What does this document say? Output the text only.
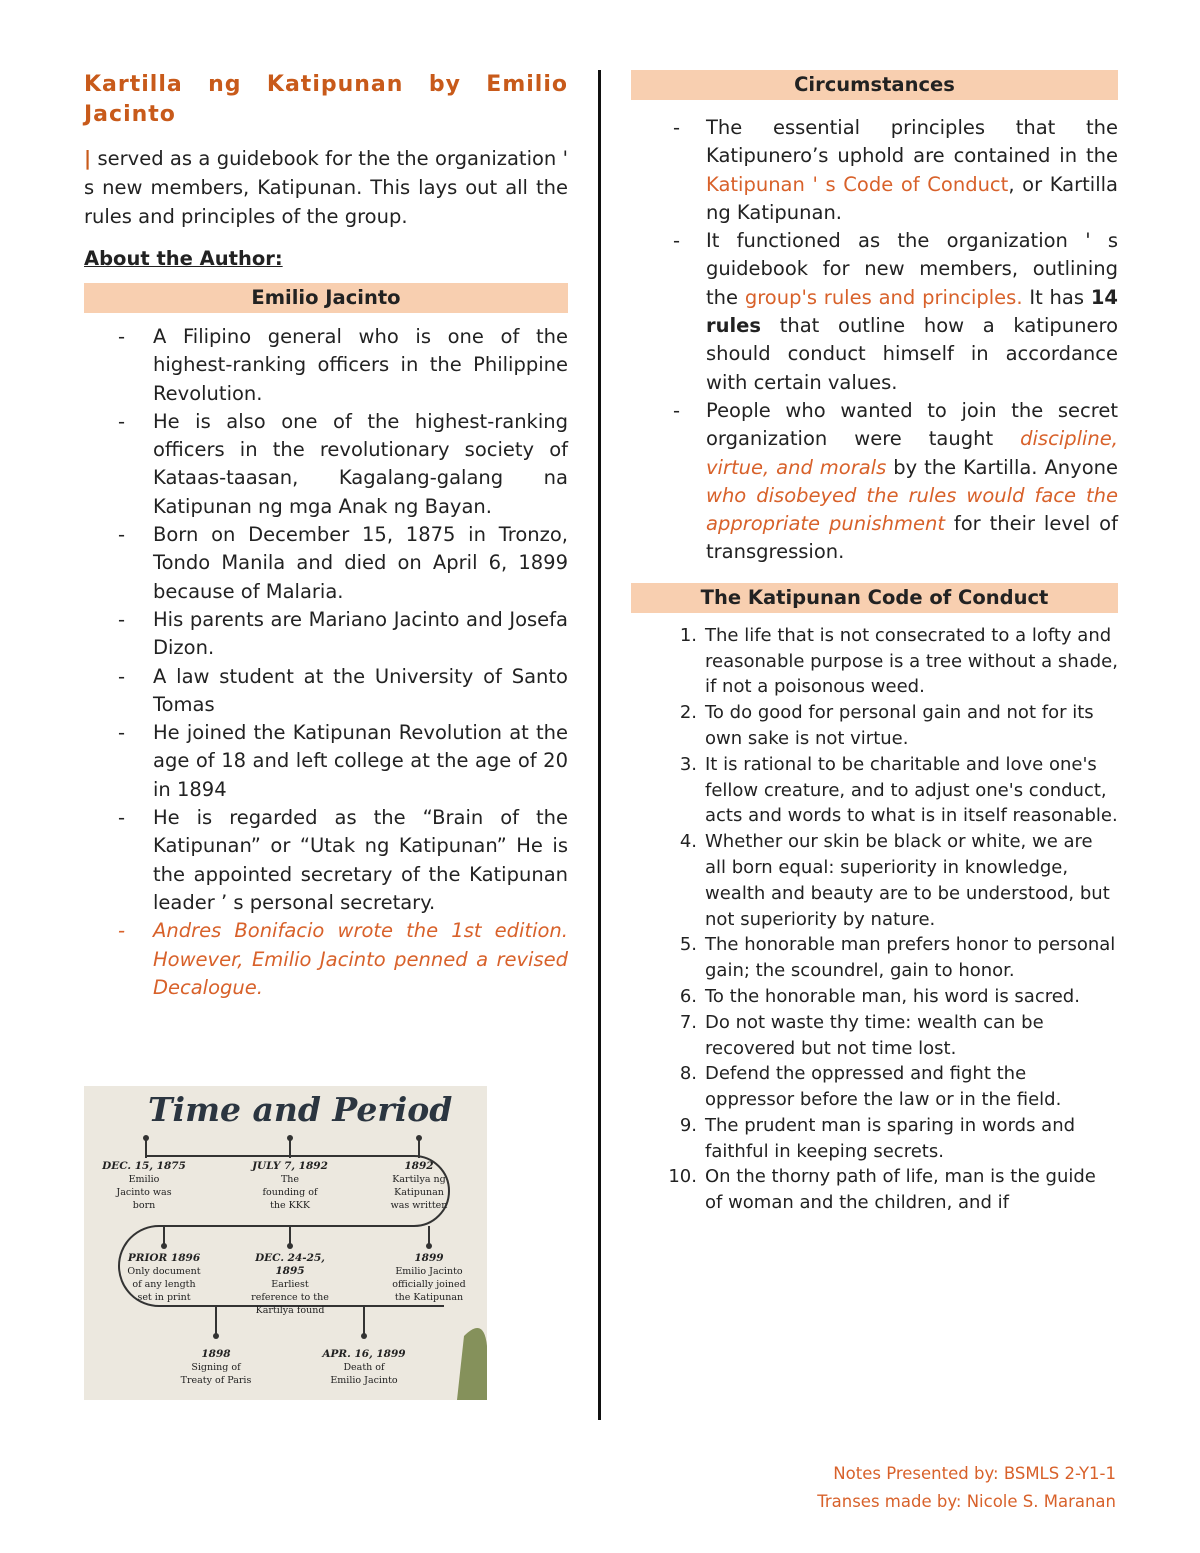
Kartilla ng Katipunan by Emilio
Jacinto
| served as a guidebook for the the organization ' s new members, Katipunan. This lays out all the rules and principles of the group.
About the Author:
Emilio Jacinto
- A Filipino general who is one of the highest-ranking officers in the Philippine Revolution.
- He is also one of the highest-ranking officers in the revolutionary society of Kataas-taasan, Kagalang-galang na Katipunan ng mga Anak ng Bayan.
- Born on December 15, 1875 in Tronzo, Tondo Manila and died on April 6, 1899 because of Malaria.
- His parents are Mariano Jacinto and Josefa Dizon.
- A law student at the University of Santo Tomas
- He joined the Katipunan Revolution at the age of 18 and left college at the age of 20 in 1894
- He is regarded as the “Brain of the Katipunan” or “Utak ng Katipunan” He is the appointed secretary of the Katipunan leader ’ s personal secretary.
- Andres Bonifacio wrote the 1st edition. However, Emilio Jacinto penned a revised Decalogue.
Time and Period
DEC. 15, 1875
Emilio Jacinto was born
JULY 7, 1892
The founding of the KKK
1892
Kartilya ng Katipunan was written
PRIOR 1896
Only document of any length set in print
DEC. 24-25, 1895
Earliest reference to the Kartilya found
1899
Emilio Jacinto officially joined the Katipunan
1898
Signing of Treaty of Paris
APR. 16, 1899
Death of Emilio Jacinto
Circumstances
- The essential principles that the Katipunero’s uphold are contained in the Katipunan ' s Code of Conduct, or Kartilla ng Katipunan.
- It functioned as the organization ' s guidebook for new members, outlining the group's rules and principles. It has 14 rules that outline how a katipunero should conduct himself in accordance with certain values.
- People who wanted to join the secret organization were taught discipline, virtue, and morals by the Kartilla. Anyone who disobeyed the rules would face the appropriate punishment for their level of transgression.
The Katipunan Code of Conduct
1. The life that is not consecrated to a lofty and reasonable purpose is a tree without a shade, if not a poisonous weed.
2. To do good for personal gain and not for its own sake is not virtue.
3. It is rational to be charitable and love one's fellow creature, and to adjust one's conduct, acts and words to what is in itself reasonable.
4. Whether our skin be black or white, we are all born equal: superiority in knowledge, wealth and beauty are to be understood, but not superiority by nature.
5. The honorable man prefers honor to personal gain; the scoundrel, gain to honor.
6. To the honorable man, his word is sacred.
7. Do not waste thy time: wealth can be recovered but not time lost.
8. Defend the oppressed and fight the oppressor before the law or in the field.
9. The prudent man is sparing in words and faithful in keeping secrets.
10. On the thorny path of life, man is the guide of woman and the children, and if
Notes Presented by: BSMLS 2-Y1-1
Transes made by: Nicole S. Maranan
